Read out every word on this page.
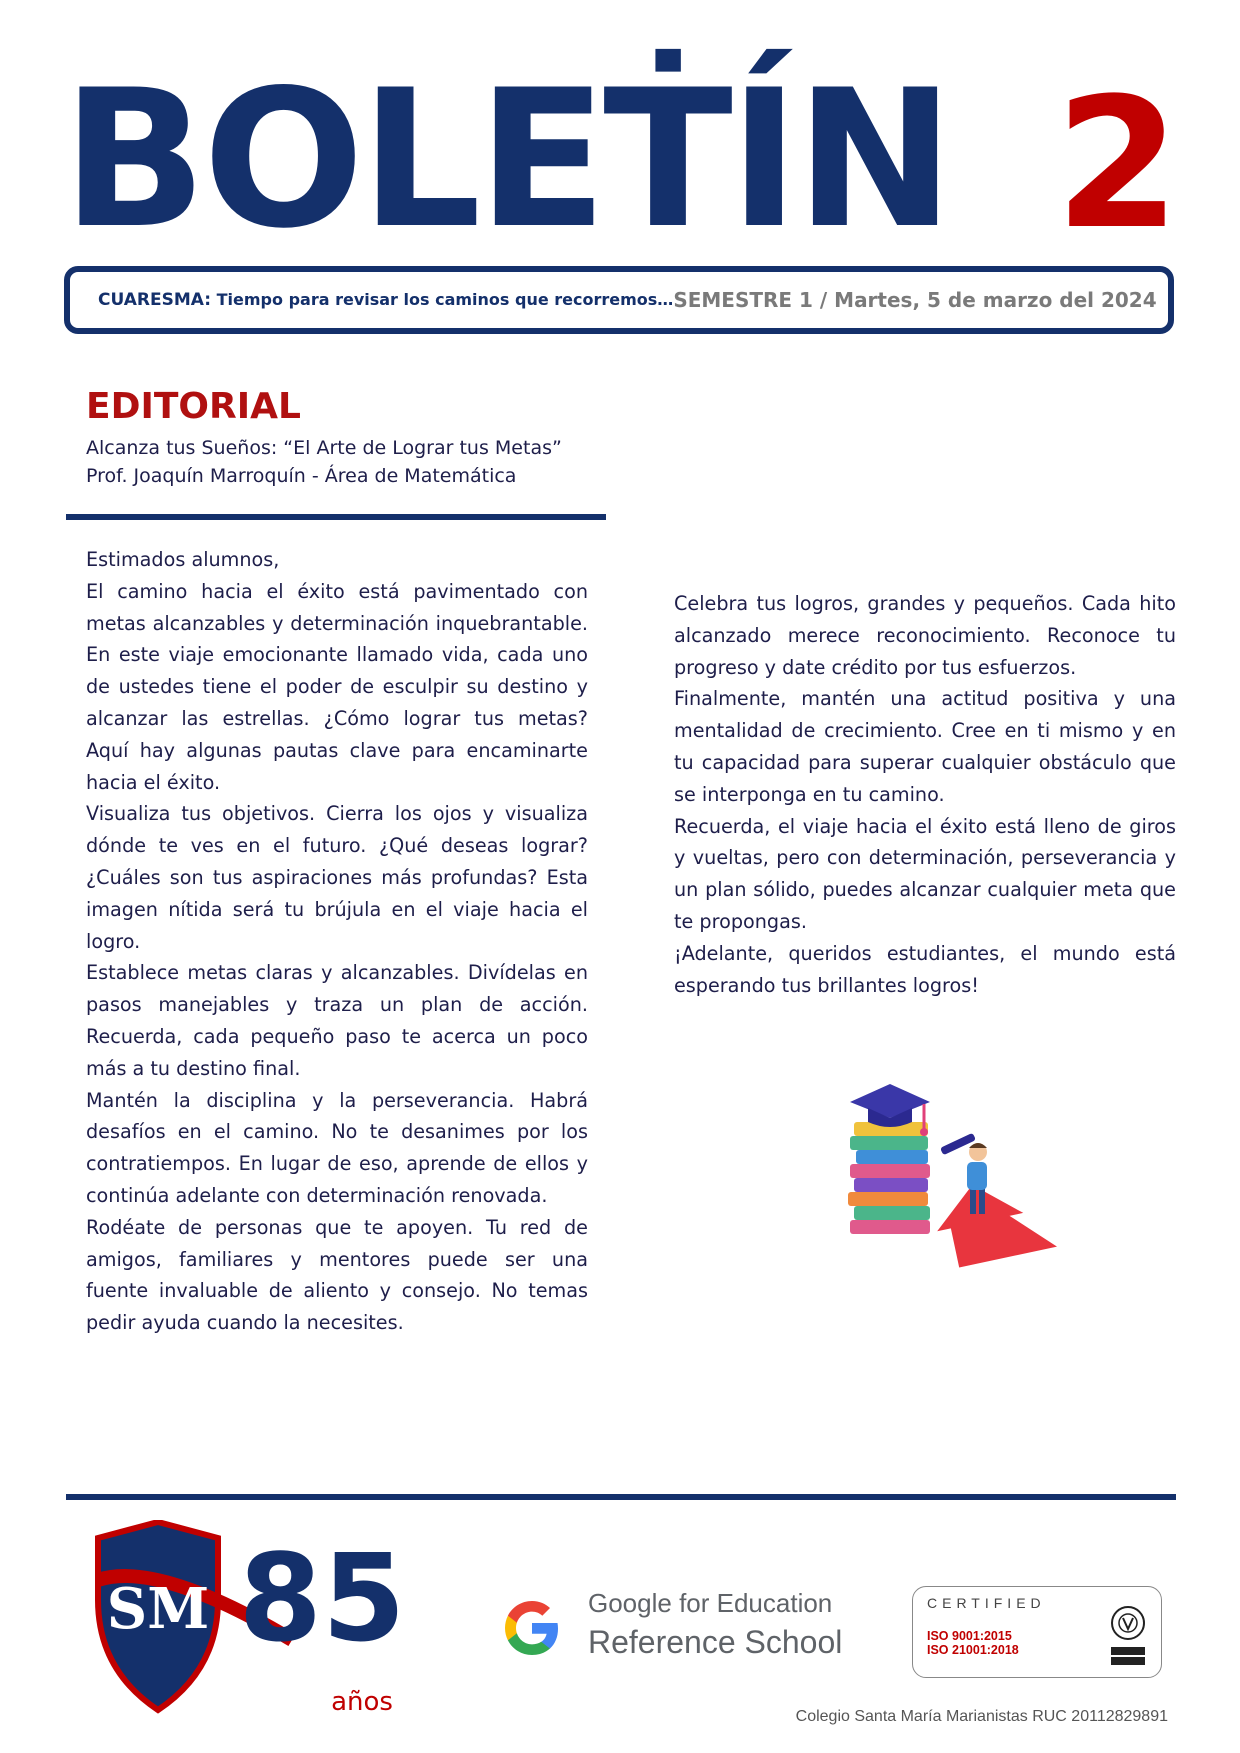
BOLEṪÍN 2
CUARESMA: Tiempo para revisar los caminos que recorremos… SEMESTRE 1 / Martes, 5 de marzo del 2024
EDITORIAL
Alcanza tus Sueños: “El Arte de Lograr tus Metas”
Prof. Joaquín Marroquín - Área de Matemática

Estimados alumnos,

El camino hacia el éxito está pavimentado con metas alcanzables y determinación inquebrantable. En este viaje emocionante llamado vida, cada uno de ustedes tiene el poder de esculpir su destino y alcanzar las estrellas. ¿Cómo lograr tus metas? Aquí hay algunas pautas clave para encaminarte hacia el éxito.

Visualiza tus objetivos. Cierra los ojos y visualiza dónde te ves en el futuro. ¿Qué deseas lograr? ¿Cuáles son tus aspiraciones más profundas? Esta imagen nítida será tu brújula en el viaje hacia el logro.

Establece metas claras y alcanzables. Divídelas en pasos manejables y traza un plan de acción. Recuerda, cada pequeño paso te acerca un poco más a tu destino final.

Mantén la disciplina y la perseverancia. Habrá desafíos en el camino. No te desanimes por los contratiempos. En lugar de eso, aprende de ellos y continúa adelante con determinación renovada.

Rodéate de personas que te apoyen. Tu red de amigos, familiares y mentores puede ser una fuente invaluable de aliento y consejo. No temas pedir ayuda cuando la necesites.

Celebra tus logros, grandes y pequeños. Cada hito alcanzado merece reconocimiento. Reconoce tu progreso y date crédito por tus esfuerzos.

Finalmente, mantén una actitud positiva y una mentalidad de crecimiento. Cree en ti mismo y en tu capacidad para superar cualquier obstáculo que se interponga en tu camino.

Recuerda, el viaje hacia el éxito está lleno de giros y vueltas, pero con determinación, perseverancia y un plan sólido, puedes alcanzar cualquier meta que te propongas.

¡Adelante, queridos estudiantes, el mundo está esperando tus brillantes logros!

SM 85
años
Google for Education
Reference School
CERTIFIED
ISO 9001:2015
ISO 21001:2018
Colegio Santa María Marianistas RUC 20112829891
